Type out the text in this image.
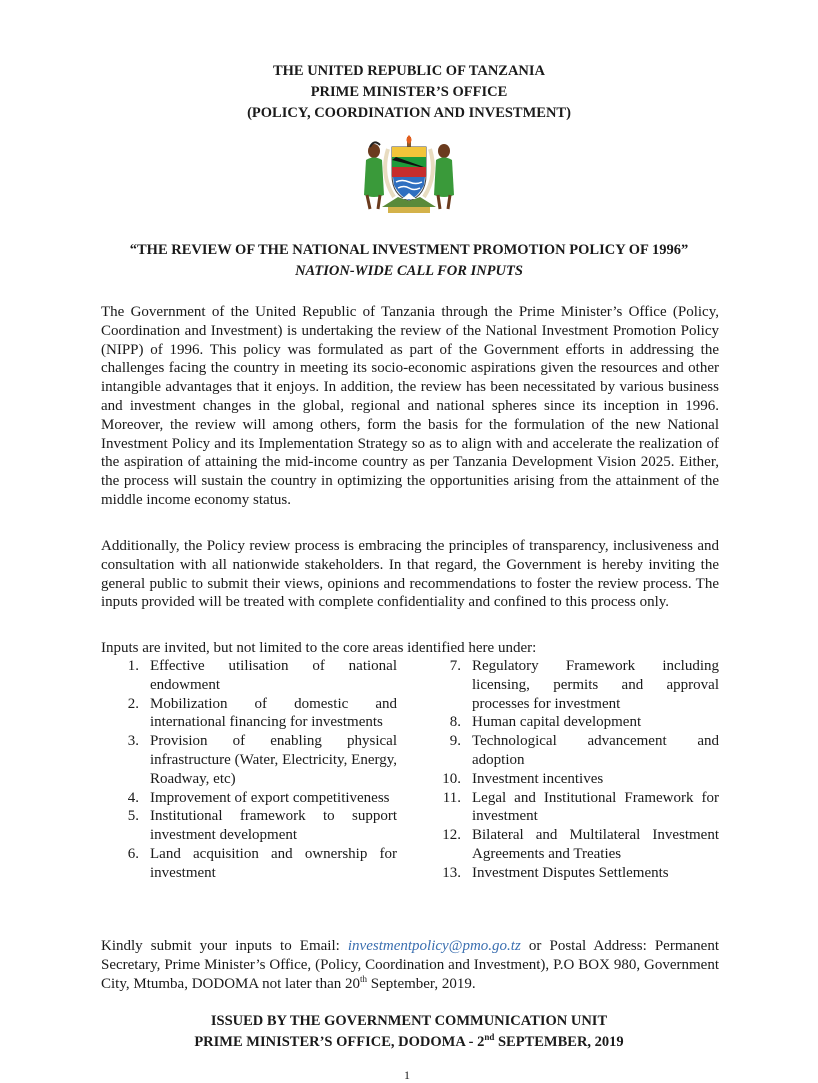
THE UNITED REPUBLIC OF TANZANIA
PRIME MINISTER’S OFFICE
(POLICY, COORDINATION AND INVESTMENT)
“THE REVIEW OF THE NATIONAL INVESTMENT PROMOTION POLICY OF 1996”
NATION-WIDE CALL FOR INPUTS

The Government of the United Republic of Tanzania through the Prime Minister’s Office (Policy, Coordination and Investment) is undertaking the review of the National Investment Promotion Policy (NIPP) of 1996. This policy was formulated as part of the Government efforts in addressing the challenges facing the country in meeting its socio-economic aspirations given the resources and other intangible advantages that it enjoys. In addition, the review has been necessitated by various business and investment changes in the global, regional and national spheres since its inception in 1996. Moreover, the review will among others, form the basis for the formulation of the new National Investment Policy and its Implementation Strategy so as to align with and accelerate the realization of the aspiration of attaining the mid-income country as per Tanzania Development Vision 2025. Either, the process will sustain the country in optimizing the opportunities arising from the attainment of the middle income economy status.

Additionally, the Policy review process is embracing the principles of transparency, inclusiveness and consultation with all nationwide stakeholders. In that regard, the Government is hereby inviting the general public to submit their views, opinions and recommendations to foster the review process. The inputs provided will be treated with complete confidentiality and confined to this process only.

Inputs are invited, but not limited to the core areas identified here under:

1. Effective utilisation of national endowment
2. Mobilization of domestic and international financing for investments
3. Provision of enabling physical infrastructure (Water, Electricity, Energy, Roadway, etc)
4. Improvement of export competitiveness
5. Institutional framework to support investment development
6. Land acquisition and ownership for investment
7. Regulatory Framework including licensing, permits and approval processes for investment
8. Human capital development
9. Technological advancement and adoption
10. Investment incentives
11. Legal and Institutional Framework for investment
12. Bilateral and Multilateral Investment Agreements and Treaties
13. Investment Disputes Settlements

Kindly submit your inputs to Email: investmentpolicy@pmo.go.tz or Postal Address: Permanent Secretary, Prime Minister’s Office, (Policy, Coordination and Investment), P.O BOX 980, Government City, Mtumba, DODOMA not later than 20th September, 2019.

ISSUED BY THE GOVERNMENT COMMUNICATION UNIT
PRIME MINISTER’S OFFICE, DODOMA - 2nd SEPTEMBER, 2019
1
